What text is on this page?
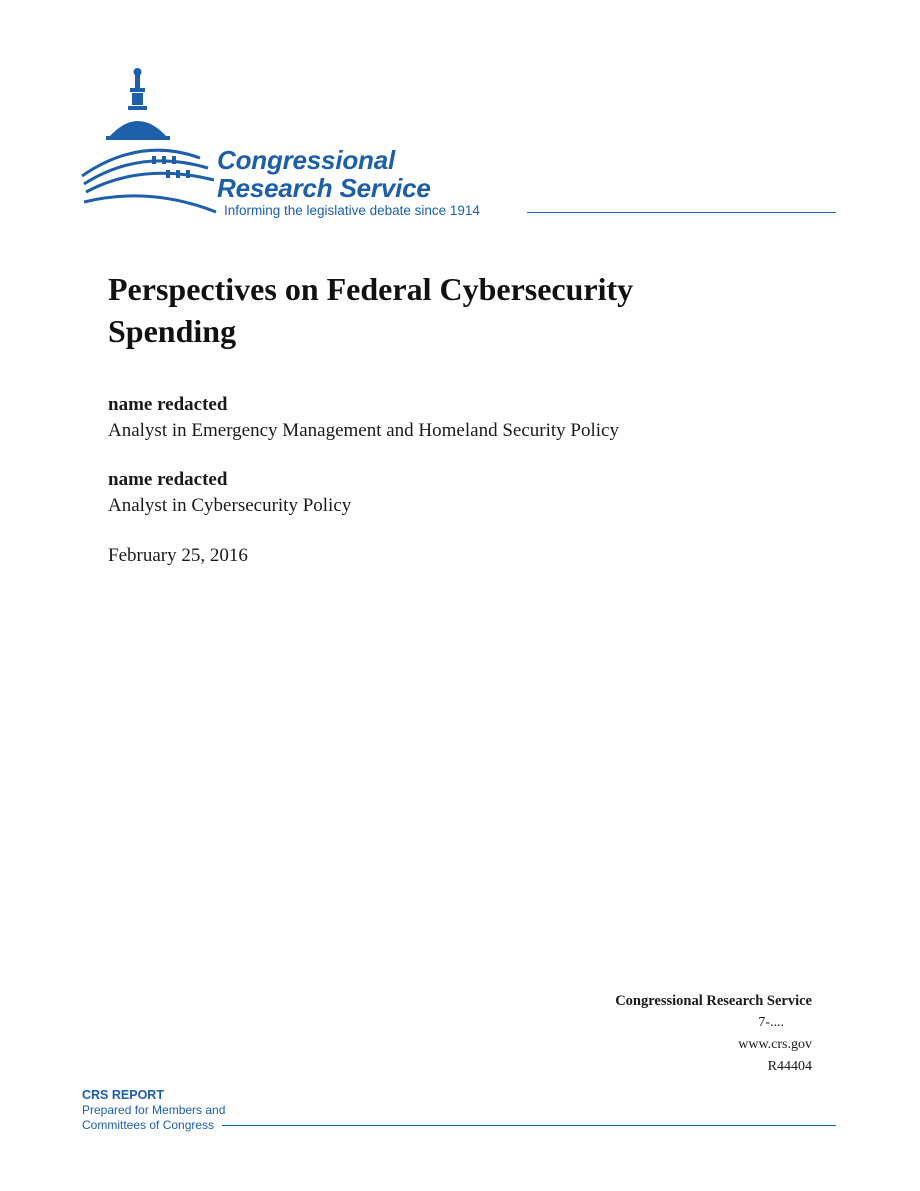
Congressional
Research Service
Informing the legislative debate since 1914
Perspectives on Federal Cybersecurity Spending
name redacted
Analyst in Emergency Management and Homeland Security Policy
name redacted
Analyst in Cybersecurity Policy
February 25, 2016
Congressional Research Service
7-....
www.crs.gov
R44404
CRS REPORT
Prepared for Members and
Committees of Congress
